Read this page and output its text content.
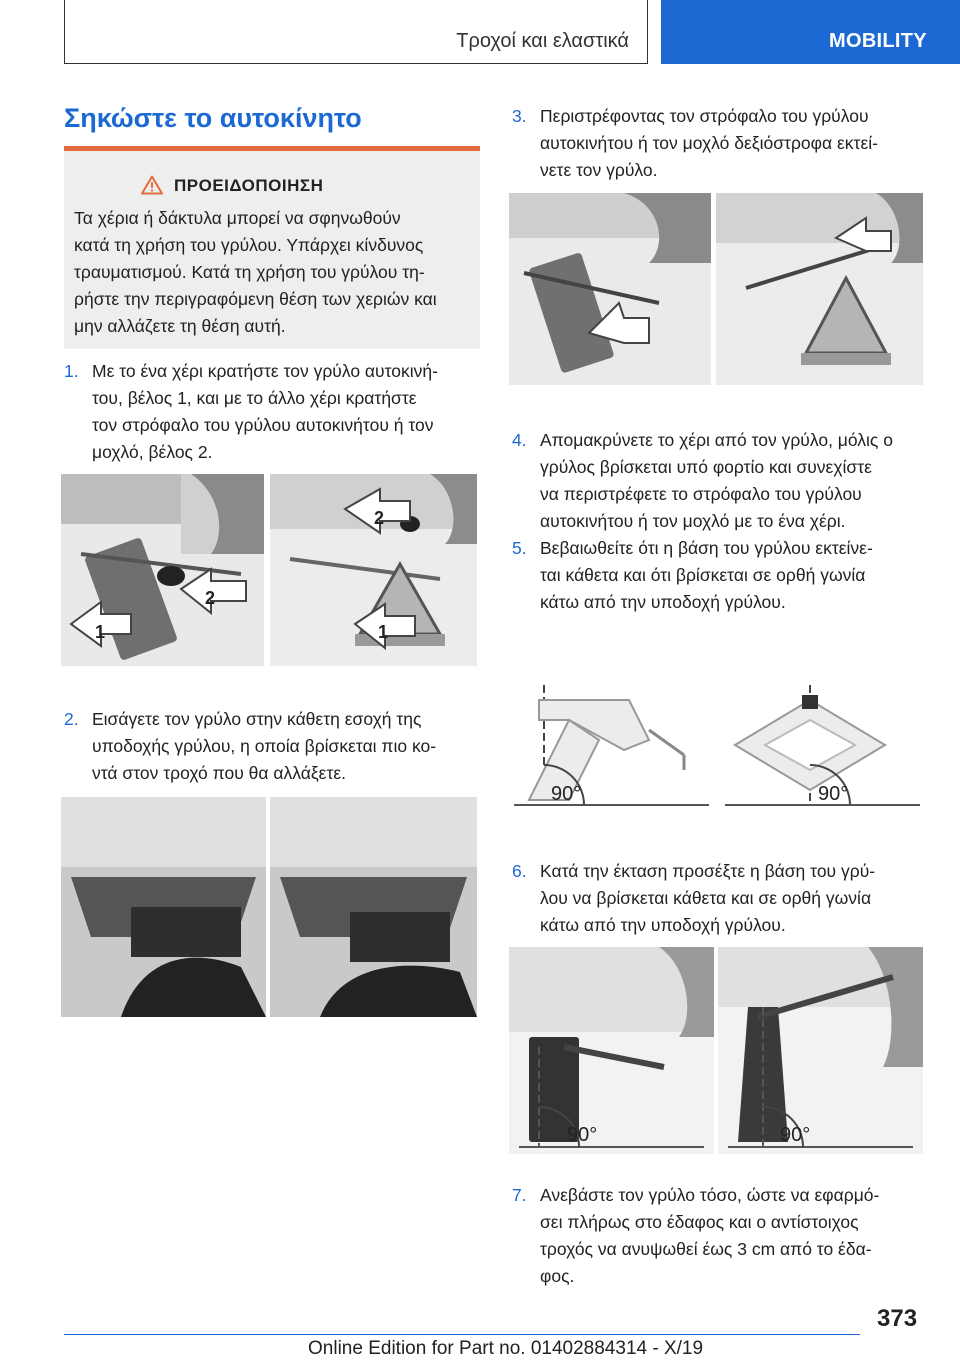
Τροχοί και ελαστικά	MOBILITY
Σηκώστε το αυτοκίνητο
ΠΡΟΕΙΔΟΠΟΙΗΣΗ
Τα χέρια ή δάκτυλα μπορεί να σφηνωθούν
κατά τη χρήση του γρύλου. Υπάρχει κίνδυνος
τραυματισμού. Κατά τη χρήση του γρύλου τη-
ρήστε την περιγραφόμενη θέση των χεριών και
μην αλλάζετε τη θέση αυτή.
1. Με το ένα χέρι κρατήστε τον γρύλο αυτοκινή-
του, βέλος 1, και με το άλλο χέρι κρατήστε
τον στρόφαλο του γρύλου αυτοκινήτου ή τον
μοχλό, βέλος 2.
1
2
2
1
2. Εισάγετε τον γρύλο στην κάθετη εσοχή της
υποδοχής γρύλου, η οποία βρίσκεται πιο κο-
ντά στον τροχό που θα αλλάξετε.
3. Περιστρέφοντας τον στρόφαλο του γρύλου
αυτοκινήτου ή τον μοχλό δεξιόστροφα εκτεί-
νετε τον γρύλο.
4. Απομακρύνετε το χέρι από τον γρύλο, μόλις ο
γρύλος βρίσκεται υπό φορτίο και συνεχίστε
να περιστρέφετε το στρόφαλο του γρύλου
αυτοκινήτου ή τον μοχλό με το ένα χέρι.
5. Βεβαιωθείτε ότι η βάση του γρύλου εκτείνε-
ται κάθετα και ότι βρίσκεται σε ορθή γωνία
κάτω από την υποδοχή γρύλου.
90°	90°
6. Κατά την έκταση προσέξτε η βάση του γρύ-
λου να βρίσκεται κάθετα και σε ορθή γωνία
κάτω από την υποδοχή γρύλου.
90°	90°
7. Ανεβάστε τον γρύλο τόσο, ώστε να εφαρμό-
σει πλήρως στο έδαφος και ο αντίστοιχος
τροχός να ανυψωθεί έως 3 cm από το έδα-
φος.
373
Online Edition for Part no. 01402884314 - X/19
